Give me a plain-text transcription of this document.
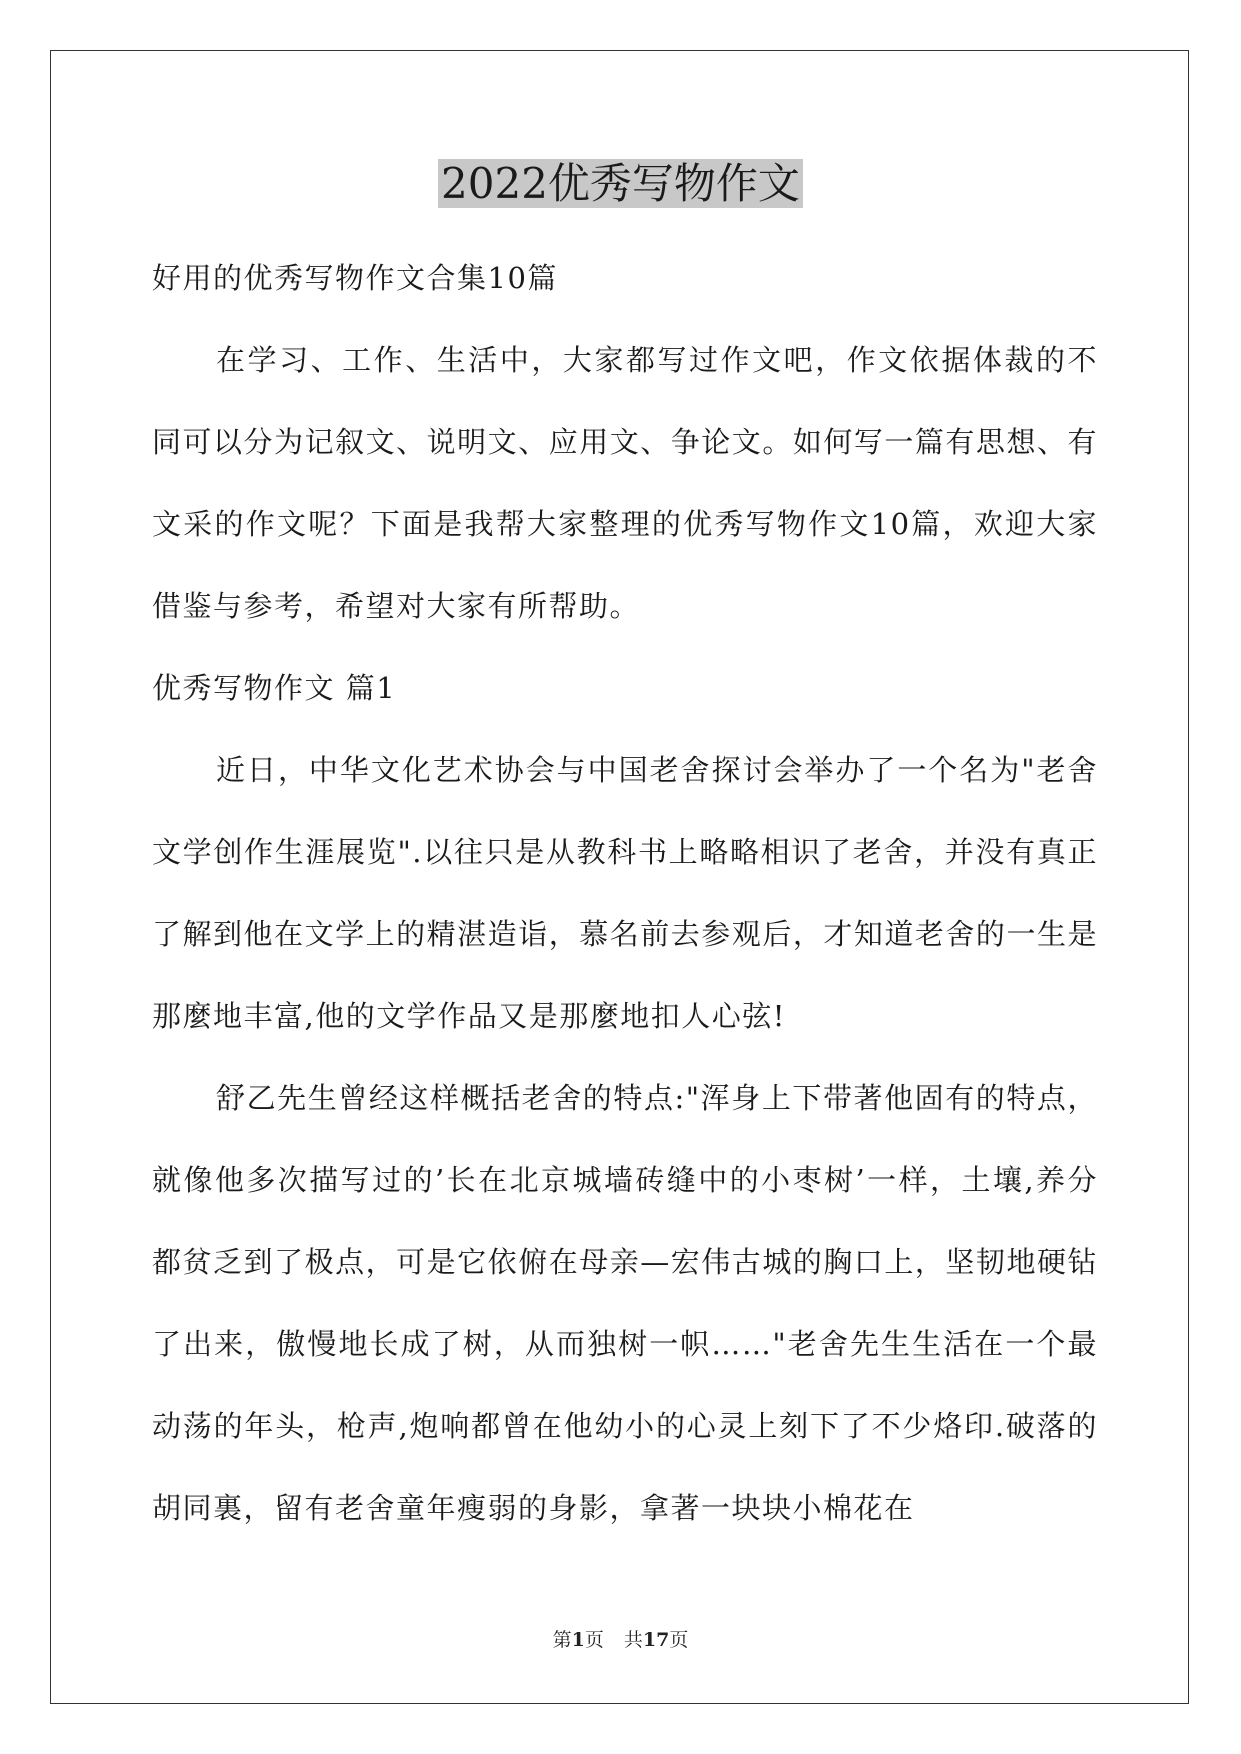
2022优秀写物作文

好用的优秀写物作文合集10篇

在学习、工作、生活中，大家都写过作文吧，作文依据体裁的不同可以分为记叙文、说明文、应用文、争论文。如何写一篇有思想、有文采的作文呢？下面是我帮大家整理的优秀写物作文10篇，欢迎大家借鉴与参考，希望对大家有所帮助。

优秀写物作文 篇1

近日，中华文化艺术协会与中国老舍探讨会举办了一个名为"老舍文学创作生涯展览".以往只是从教科书上略略相识了老舍，并没有真正了解到他在文学上的精湛造诣，慕名前去参观后，才知道老舍的一生是那麼地丰富,他的文学作品又是那麼地扣人心弦!

舒乙先生曾经这样概括老舍的特点:"浑身上下带著他固有的特点，就像他多次描写过的’长在北京城墙砖缝中的小枣树’一样，土壤,养分都贫乏到了极点，可是它依俯在母亲—宏伟古城的胸口上，坚韧地硬钻了出来，傲慢地长成了树，从而独树一帜……"老舍先生生活在一个最动荡的年头，枪声,炮响都曾在他幼小的心灵上刻下了不少烙印.破落的胡同裏，留有老舍童年瘦弱的身影，拿著一块块小棉花在

第1页 共17页
